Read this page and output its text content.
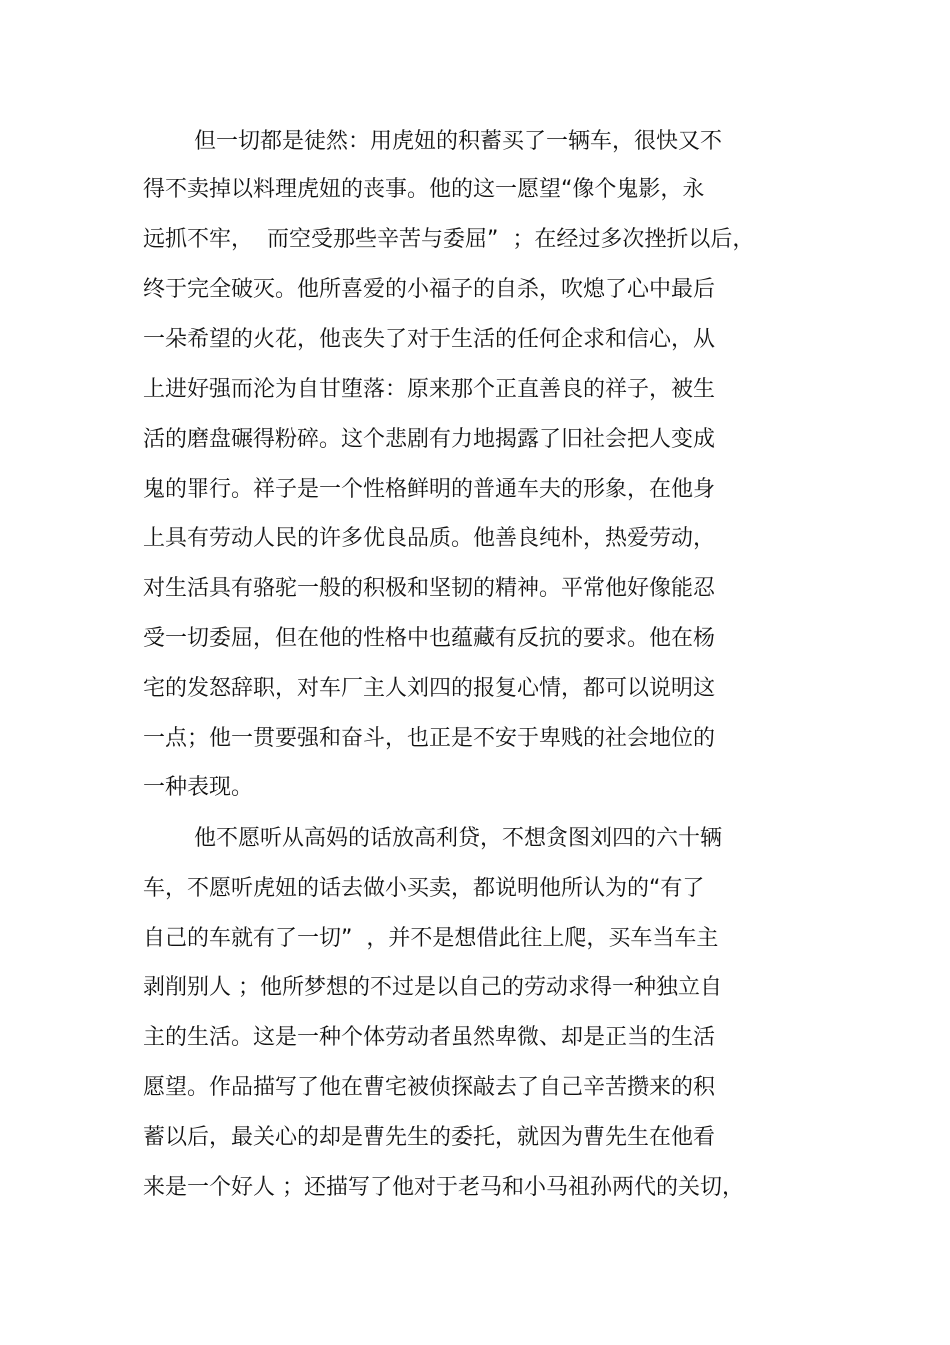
但一切都是徒然：用虎妞的积蓄买了一辆车，很快又不
得不卖掉以料理虎妞的丧事。他的这一愿望“像个鬼影，永
远抓不牢，  而空受那些辛苦与委屈”  ；在经过多次挫折以后，
终于完全破灭。他所喜爱的小福子的自杀，吹熄了心中最后
一朵希望的火花，他丧失了对于生活的任何企求和信心，从
上进好强而沦为自甘堕落：原来那个正直善良的祥子，被生
活的磨盘碾得粉碎。这个悲剧有力地揭露了旧社会把人变成
鬼的罪行。祥子是一个性格鲜明的普通车夫的形象，在他身
上具有劳动人民的许多优良品质。他善良纯朴，热爱劳动，
对生活具有骆驼一般的积极和坚韧的精神。平常他好像能忍
受一切委屈，但在他的性格中也蕴藏有反抗的要求。他在杨
宅的发怒辞职，对车厂主人刘四的报复心情，都可以说明这
一点；他一贯要强和奋斗，也正是不安于卑贱的社会地位的
一种表现。
他不愿听从高妈的话放高利贷，不想贪图刘四的六十辆
车，不愿听虎妞的话去做小买卖，都说明他所认为的“有了
自己的车就有了一切”  ，并不是想借此往上爬，买车当车主
剥削别人 ；他所梦想的不过是以自己的劳动求得一种独立自
主的生活。这是一种个体劳动者虽然卑微、却是正当的生活
愿望。作品描写了他在曹宅被侦探敲去了自己辛苦攒来的积
蓄以后，最关心的却是曹先生的委托，就因为曹先生在他看
来是一个好人 ；还描写了他对于老马和小马祖孙两代的关切，
